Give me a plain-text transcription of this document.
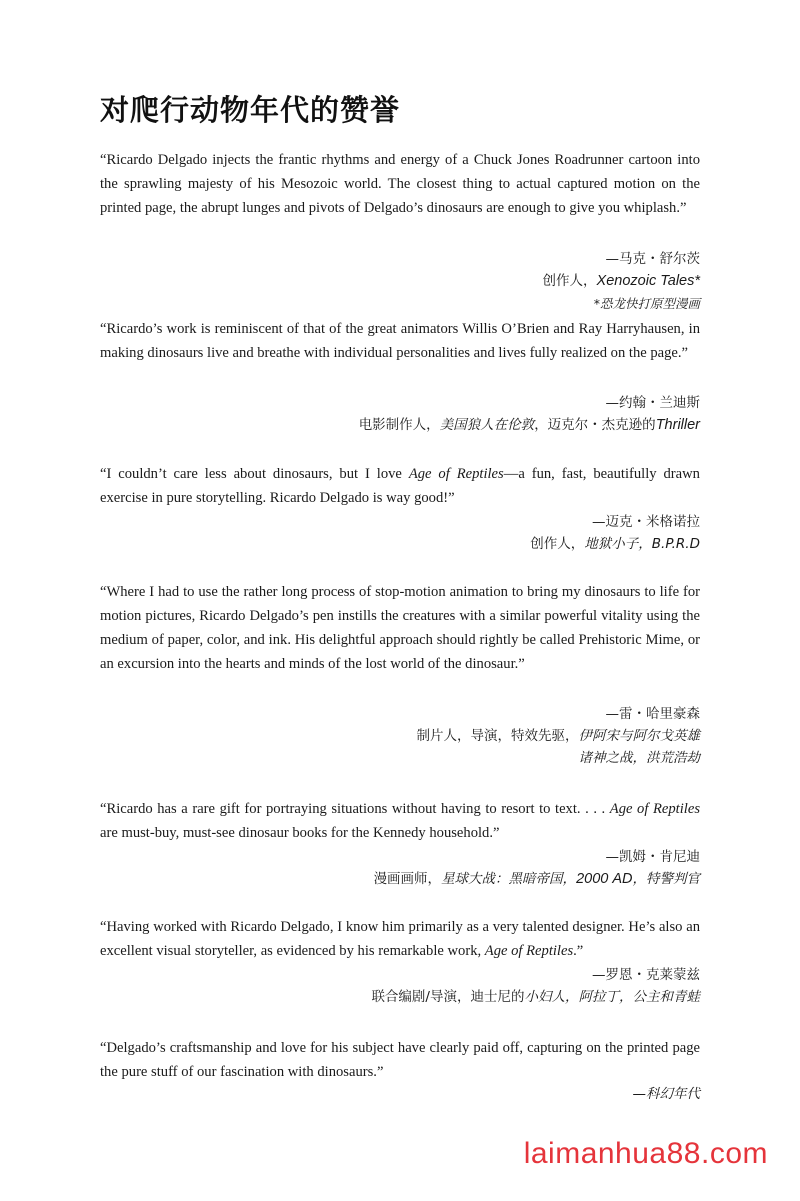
对爬行动物年代的赞誉

“Ricardo Delgado injects the frantic rhythms and energy of a Chuck Jones Roadrunner cartoon into the sprawling majesty of his Mesozoic world. The closest thing to actual captured motion on the printed page, the abrupt lunges and pivots of Delgado’s dinosaurs are enough to give you whiplash.”

—马克・舒尔茨
创作人，Xenozoic Tales*
*恐龙快打原型漫画

“Ricardo’s work is reminiscent of that of the great animators Willis O’Brien and Ray Harryhausen, in making dinosaurs live and breathe with individual personalities and lives fully realized on the page.”

—约翰・兰迪斯
电影制作人，美国狼人在伦敦，迈克尔・杰克逊的Thriller

“I couldn’t care less about dinosaurs, but I love Age of Reptiles—a fun, fast, beautifully drawn exercise in pure storytelling. Ricardo Delgado is way good!”

—迈克・米格诺拉
创作人，地狱小子，B.P.R.D

“Where I had to use the rather long process of stop-motion animation to bring my dinosaurs to life for motion pictures, Ricardo Delgado’s pen instills the creatures with a similar powerful vitality using the medium of paper, color, and ink. His delightful approach should rightly be called Prehistoric Mime, or an excursion into the hearts and minds of the lost world of the dinosaur.”

—雷・哈里豪森
制片人，导演，特效先驱，伊阿宋与阿尔戈英雄
诸神之战，洪荒浩劫

“Ricardo has a rare gift for portraying situations without having to resort to text. . . . Age of Reptiles are must-buy, must-see dinosaur books for the Kennedy household.”

—凯姆・肯尼迪
漫画画师，星球大战：黑暗帝国，2000 AD，特警判官

“Having worked with Ricardo Delgado, I know him primarily as a very talented designer. He’s also an excellent visual storyteller, as evidenced by his remarkable work, Age of Reptiles.”

—罗恩・克莱蒙兹
联合编剧/导演，迪士尼的小妇人，阿拉丁，公主和青蛙

“Delgado’s craftsmanship and love for his subject have clearly paid off, capturing on the printed page the pure stuff of our fascination with dinosaurs.”

—科幻年代
laimanhua88.com
